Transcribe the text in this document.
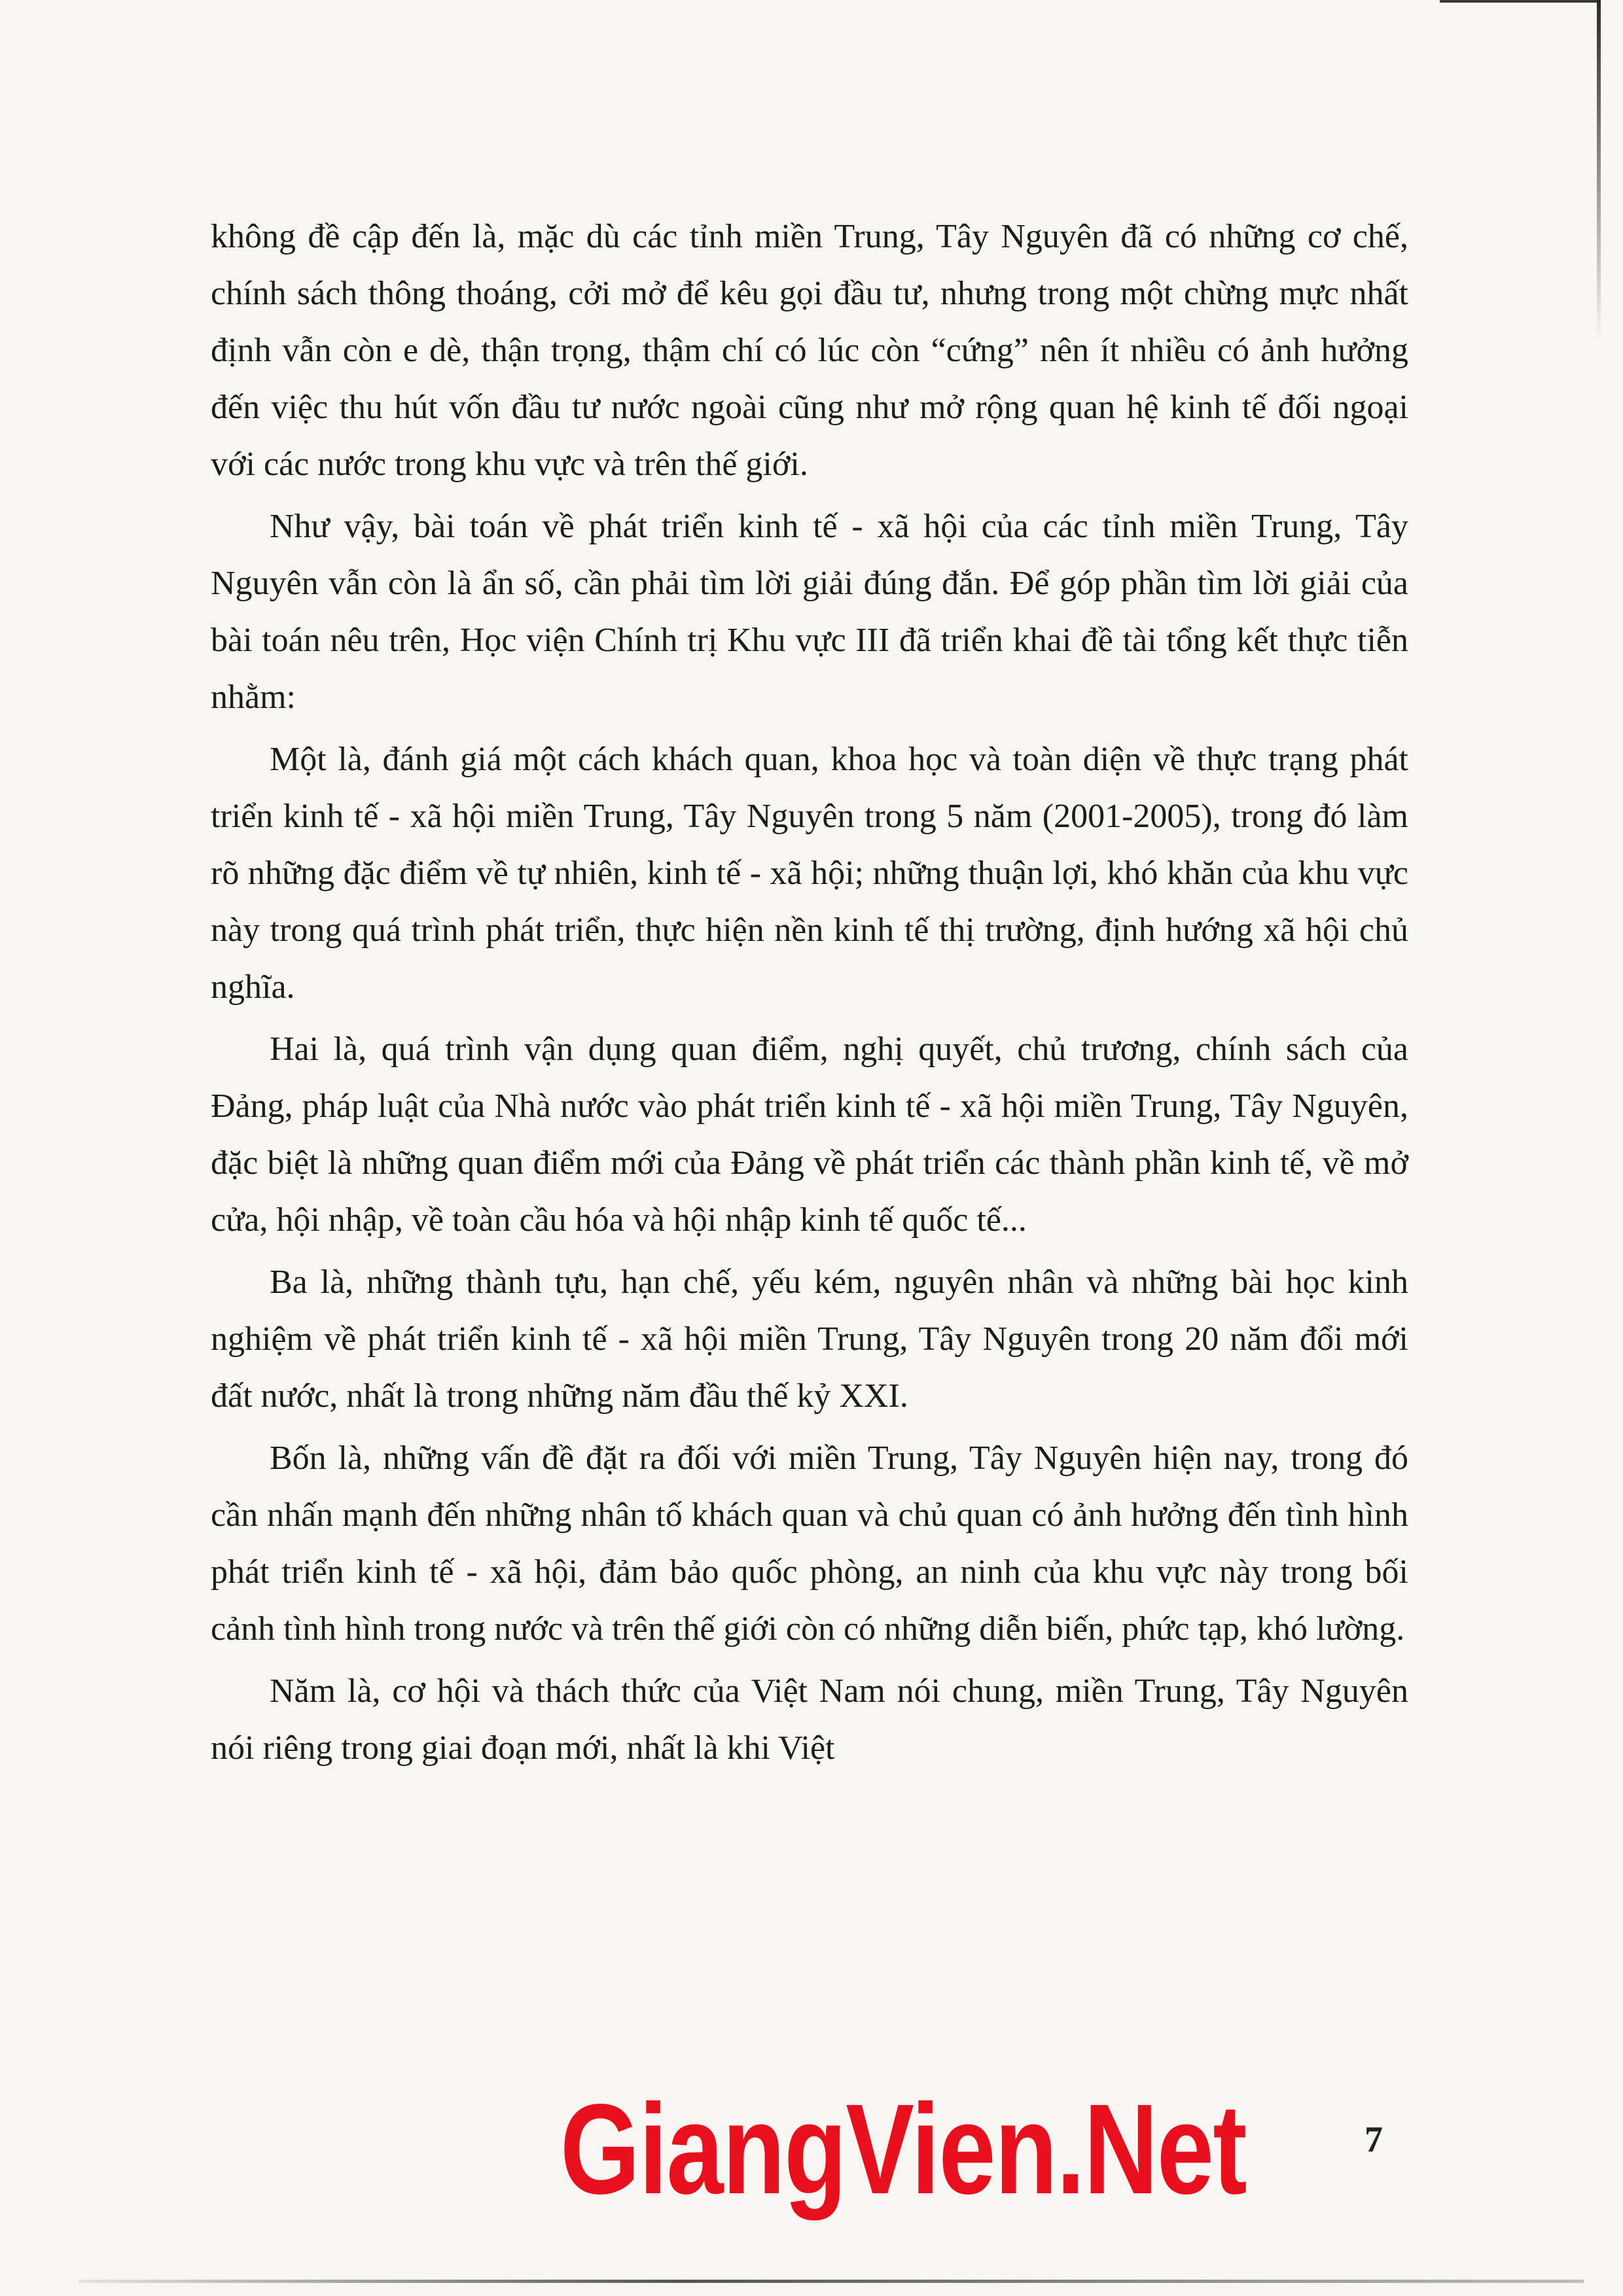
không đề cập đến là, mặc dù các tỉnh miền Trung, Tây Nguyên đã có những cơ chế, chính sách thông thoáng, cởi mở để kêu gọi đầu tư, nhưng trong một chừng mực nhất định vẫn còn e dè, thận trọng, thậm chí có lúc còn “cứng” nên ít nhiều có ảnh hưởng đến việc thu hút vốn đầu tư nước ngoài cũng như mở rộng quan hệ kinh tế đối ngoại với các nước trong khu vực và trên thế giới.

Như vậy, bài toán về phát triển kinh tế - xã hội của các tỉnh miền Trung, Tây Nguyên vẫn còn là ẩn số, cần phải tìm lời giải đúng đắn. Để góp phần tìm lời giải của bài toán nêu trên, Học viện Chính trị Khu vực III đã triển khai đề tài tổng kết thực tiễn nhằm:

Một là, đánh giá một cách khách quan, khoa học và toàn diện về thực trạng phát triển kinh tế - xã hội miền Trung, Tây Nguyên trong 5 năm (2001-2005), trong đó làm rõ những đặc điểm về tự nhiên, kinh tế - xã hội; những thuận lợi, khó khăn của khu vực này trong quá trình phát triển, thực hiện nền kinh tế thị trường, định hướng xã hội chủ nghĩa.

Hai là, quá trình vận dụng quan điểm, nghị quyết, chủ trương, chính sách của Đảng, pháp luật của Nhà nước vào phát triển kinh tế - xã hội miền Trung, Tây Nguyên, đặc biệt là những quan điểm mới của Đảng về phát triển các thành phần kinh tế, về mở cửa, hội nhập, về toàn cầu hóa và hội nhập kinh tế quốc tế...

Ba là, những thành tựu, hạn chế, yếu kém, nguyên nhân và những bài học kinh nghiệm về phát triển kinh tế - xã hội miền Trung, Tây Nguyên trong 20 năm đổi mới đất nước, nhất là trong những năm đầu thế kỷ XXI.

Bốn là, những vấn đề đặt ra đối với miền Trung, Tây Nguyên hiện nay, trong đó cần nhấn mạnh đến những nhân tố khách quan và chủ quan có ảnh hưởng đến tình hình phát triển kinh tế - xã hội, đảm bảo quốc phòng, an ninh của khu vực này trong bối cảnh tình hình trong nước và trên thế giới còn có những diễn biến, phức tạp, khó lường.

Năm là, cơ hội và thách thức của Việt Nam nói chung, miền Trung, Tây Nguyên nói riêng trong giai đoạn mới, nhất là khi Việt

GiangVien.Net	7
